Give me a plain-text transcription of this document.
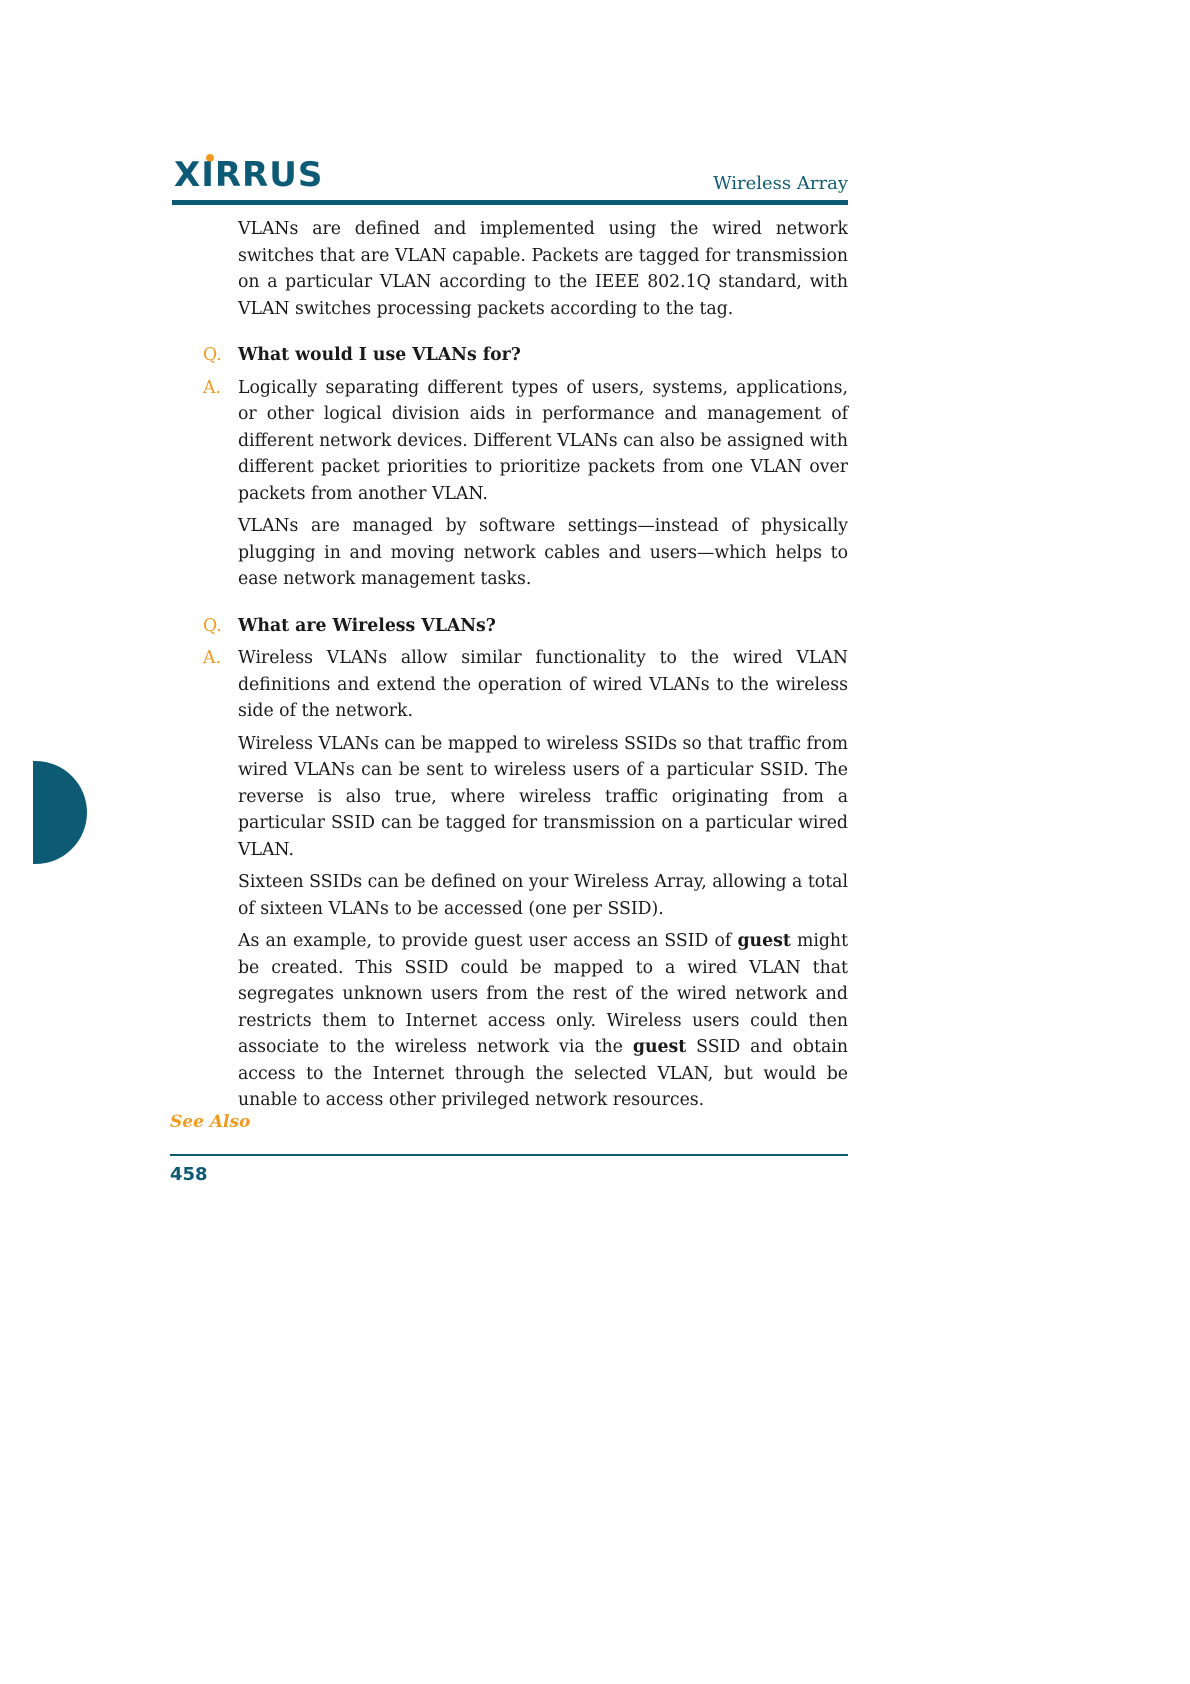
XIRRUS	Wireless Array

VLANs are defined and implemented using the wired network switches that are VLAN capable. Packets are tagged for transmission on a particular VLAN according to the IEEE 802.1Q standard, with VLAN switches processing packets according to the tag.

Q. What would I use VLANs for?

A. Logically separating different types of users, systems, applications, or other logical division aids in performance and management of different network devices. Different VLANs can also be assigned with different packet priorities to prioritize packets from one VLAN over packets from another VLAN.

VLANs are managed by software settings—instead of physically plugging in and moving network cables and users—which helps to ease network management tasks.

Q. What are Wireless VLANs?

A. Wireless VLANs allow similar functionality to the wired VLAN definitions and extend the operation of wired VLANs to the wireless side of the network.

Wireless VLANs can be mapped to wireless SSIDs so that traffic from wired VLANs can be sent to wireless users of a particular SSID. The reverse is also true, where wireless traffic originating from a particular SSID can be tagged for transmission on a particular wired VLAN.

Sixteen SSIDs can be defined on your Wireless Array, allowing a total of sixteen VLANs to be accessed (one per SSID).

As an example, to provide guest user access an SSID of guest might be created. This SSID could be mapped to a wired VLAN that segregates unknown users from the rest of the wired network and restricts them to Internet access only. Wireless users could then associate to the wireless network via the guest SSID and obtain access to the Internet through the selected VLAN, but would be unable to access other privileged network resources.

See Also
458
